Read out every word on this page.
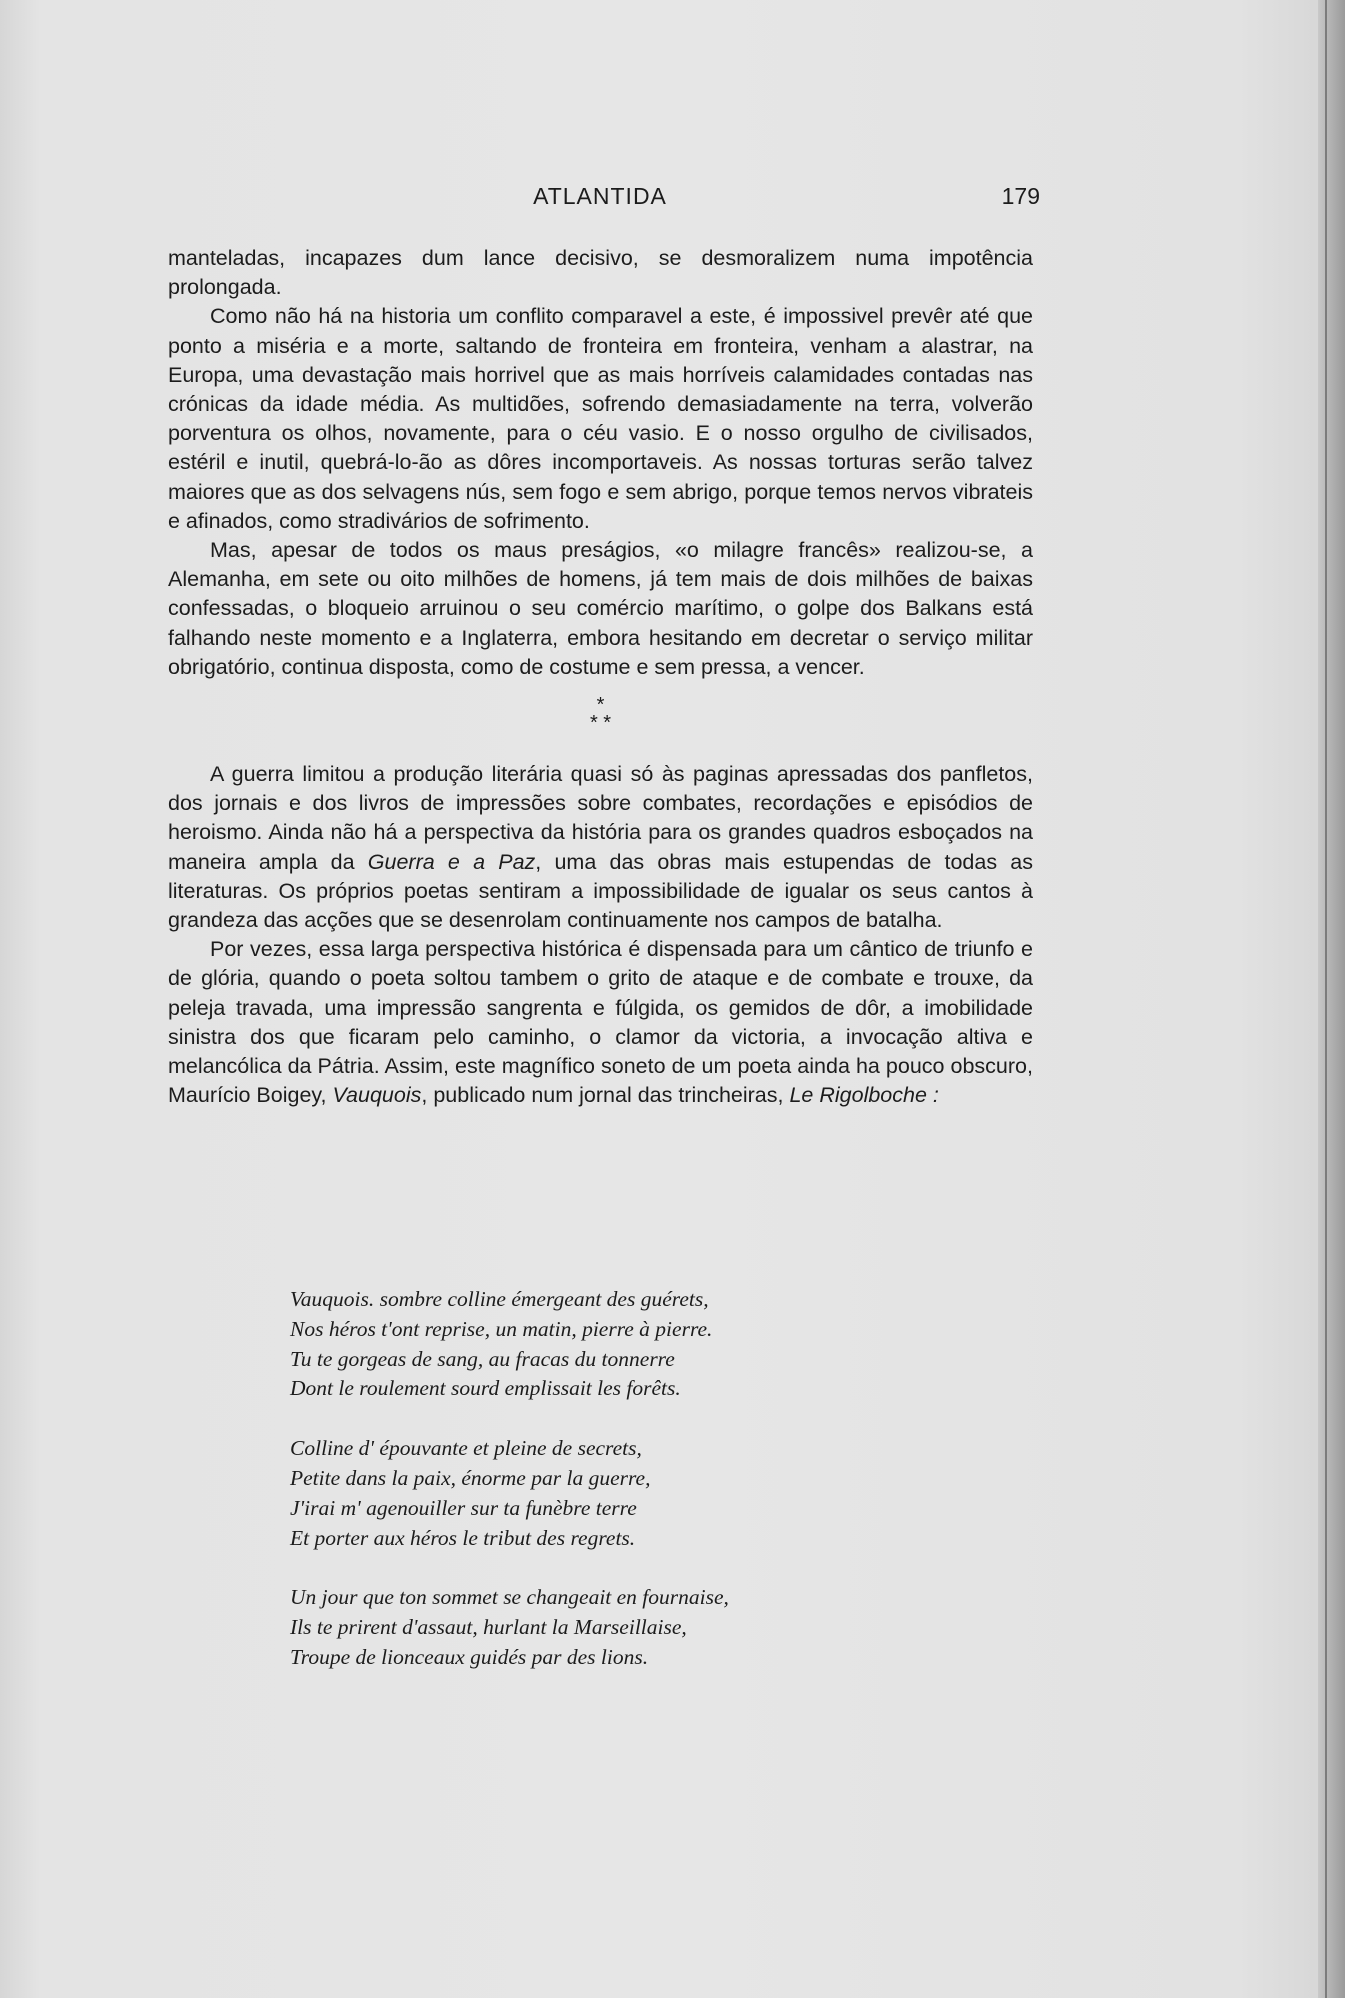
ATLANTIDA	179

manteladas, incapazes dum lance decisivo, se desmoralizem numa impotência prolongada.

Como não há na historia um conflito comparavel a este, é impossivel prevêr até que ponto a miséria e a morte, saltando de fronteira em fronteira, venham a alastrar, na Europa, uma devastação mais horrivel que as mais horríveis calamidades contadas nas crónicas da idade média. As multidões, sofrendo demasiadamente na terra, volverão porventura os olhos, novamente, para o céu vasio. E o nosso orgulho de civilisados, estéril e inutil, quebrá-lo-ão as dôres incomportaveis. As nossas torturas serão talvez maiores que as dos selvagens nús, sem fogo e sem abrigo, porque temos nervos vibrateis e afinados, como stradivários de sofrimento.

Mas, apesar de todos os maus preságios, «o milagre francês» realizou-se, a Alemanha, em sete ou oito milhões de homens, já tem mais de dois milhões de baixas confessadas, o bloqueio arruinou o seu comércio marítimo, o golpe dos Balkans está falhando neste momento e a Inglaterra, embora hesitando em decretar o serviço militar obrigatório, continua disposta, como de costume e sem pressa, a vencer.

*
* *

A guerra limitou a produção literária quasi só às paginas apressadas dos panfletos, dos jornais e dos livros de impressões sobre combates, recordações e episódios de heroismo. Ainda não há a perspectiva da história para os grandes quadros esboçados na maneira ampla da Guerra e a Paz, uma das obras mais estupendas de todas as literaturas. Os próprios poetas sentiram a impossibilidade de igualar os seus cantos à grandeza das acções que se desenrolam continuamente nos campos de batalha.

Por vezes, essa larga perspectiva histórica é dispensada para um cântico de triunfo e de glória, quando o poeta soltou tambem o grito de ataque e de combate e trouxe, da peleja travada, uma impressão sangrenta e fúlgida, os gemidos de dôr, a imobilidade sinistra dos que ficaram pelo caminho, o clamor da victoria, a invocação altiva e melancólica da Pátria. Assim, este magnífico soneto de um poeta ainda ha pouco obscuro, Maurício Boigey, Vauquois, publicado num jornal das trincheiras, Le Rigolboche :

Vauquois. sombre colline émergeant des guérets,
Nos héros t'ont reprise, un matin, pierre à pierre.
Tu te gorgeas de sang, au fracas du tonnerre
Dont le roulement sourd emplissait les forêts.
Colline d' épouvante et pleine de secrets,
Petite dans la paix, énorme par la guerre,
J'irai m' agenouiller sur ta funèbre terre
Et porter aux héros le tribut des regrets.
Un jour que ton sommet se changeait en fournaise,
Ils te prirent d'assaut, hurlant la Marseillaise,
Troupe de lionceaux guidés par des lions.
